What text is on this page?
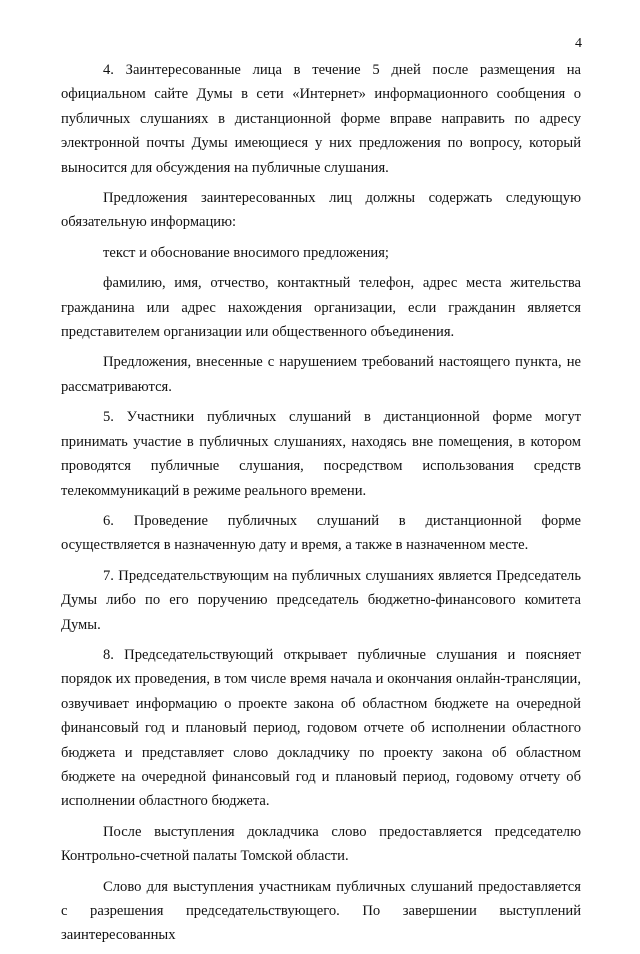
4

4. Заинтересованные лица в течение 5 дней после размещения на официальном сайте Думы в сети «Интернет» информационного сообщения о публичных слушаниях в дистанционной форме вправе направить по адресу электронной почты Думы имеющиеся у них предложения по вопросу, который выносится для обсуждения на публичные слушания.

Предложения заинтересованных лиц должны содержать следующую обязательную информацию:

текст и обоснование вносимого предложения;

фамилию, имя, отчество, контактный телефон, адрес места жительства гражданина или адрес нахождения организации, если гражданин является представителем организации или общественного объединения.

Предложения, внесенные с нарушением требований настоящего пункта, не рассматриваются.

5. Участники публичных слушаний в дистанционной форме могут принимать участие в публичных слушаниях, находясь вне помещения, в котором проводятся публичные слушания, посредством использования средств телекоммуникаций в режиме реального времени.

6. Проведение публичных слушаний в дистанционной форме осуществляется в назначенную дату и время, а также в назначенном месте.

7. Председательствующим на публичных слушаниях является Председатель Думы либо по его поручению председатель бюджетно-финансового комитета Думы.

8. Председательствующий открывает публичные слушания и поясняет порядок их проведения, в том числе время начала и окончания онлайн-трансляции, озвучивает информацию о проекте закона об областном бюджете на очередной финансовый год и плановый период, годовом отчете об исполнении областного бюджета и представляет слово докладчику по проекту закона об областном бюджете на очередной финансовый год и плановый период, годовому отчету об исполнении областного бюджета.

После выступления докладчика слово предоставляется председателю Контрольно-счетной палаты Томской области.

Слово для выступления участникам публичных слушаний предоставляется с разрешения председательствующего. По завершении выступлений заинтересованных
